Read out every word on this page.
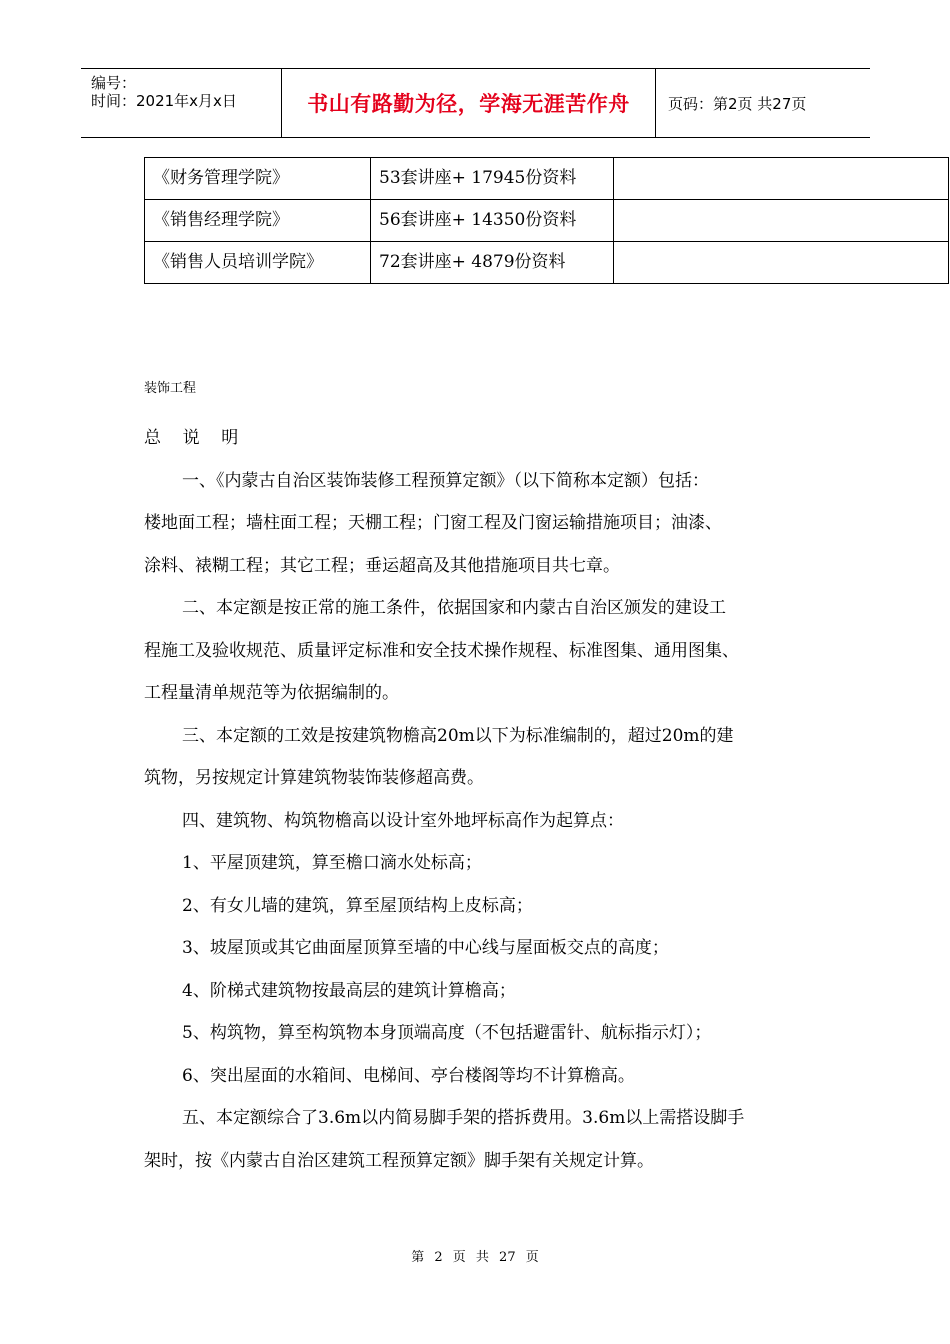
编号：
时间：2021年x月x日	书山有路勤为径，学海无涯苦作舟	页码：第2页 共27页
《财务管理学院》	53套讲座+ 17945份资料	
《销售经理学院》	56套讲座+ 14350份资料	
《销售人员培训学院》	72套讲座+ 4879份资料	
装饰工程
总    说    明
一、《内蒙古自治区装饰装修工程预算定额》（以下简称本定额）包括：
楼地面工程；墙柱面工程；天棚工程；门窗工程及门窗运输措施项目；油漆、
涂料、裱糊工程；其它工程；垂运超高及其他措施项目共七章。
二、本定额是按正常的施工条件，依据国家和内蒙古自治区颁发的建设工
程施工及验收规范、质量评定标准和安全技术操作规程、标准图集、通用图集、
工程量清单规范等为依据编制的。
三、本定额的工效是按建筑物檐高20m以下为标准编制的，超过20m的建
筑物，另按规定计算建筑物装饰装修超高费。
四、建筑物、构筑物檐高以设计室外地坪标高作为起算点：
1、平屋顶建筑，算至檐口滴水处标高；
2、有女儿墙的建筑，算至屋顶结构上皮标高；
3、坡屋顶或其它曲面屋顶算至墙的中心线与屋面板交点的高度；
4、阶梯式建筑物按最高层的建筑计算檐高；
5、构筑物，算至构筑物本身顶端高度（不包括避雷针、航标指示灯）；
6、突出屋面的水箱间、电梯间、亭台楼阁等均不计算檐高。
五、本定额综合了3.6m以内简易脚手架的搭拆费用。3.6m以上需搭设脚手
架时，按《内蒙古自治区建筑工程预算定额》脚手架有关规定计算。
第 2 页 共 27 页
